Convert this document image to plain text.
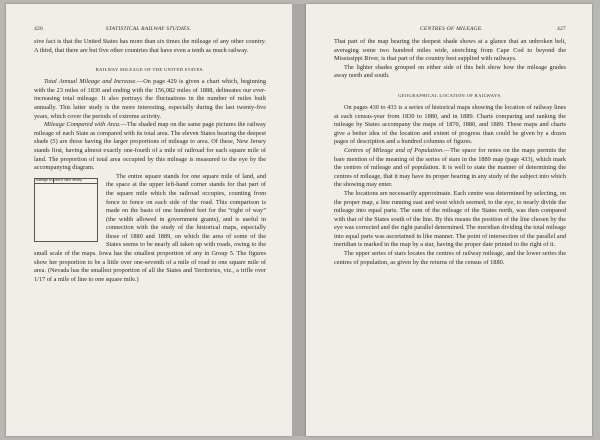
426	STATISTICAL RAILWAY STUDIES.

sive fact is that the United States has more than six times the mileage of any other country. A third, that there are but five other countries that have even a tenth as much railway.

RAILWAY MILEAGE OF THE UNITED STATES.

Total Annual Mileage and Increase.—On page 429 is given a chart which, beginning with the 23 miles of 1830 and ending with the 156,082 miles of 1888, delineates our ever-increasing total mileage. It also portrays the fluctuations in the number of miles built annually. This latter study is the more interesting, especially during the last twenty-five years, which cover the periods of extreme activity.

Mileage Compared with Area.—The shaded map on the same page pictures the railway mileage of each State as compared with its total area. The eleven States bearing the deepest shade (5) are those having the larger proportions of mileage to area. Of these, New Jersey stands first, having almost exactly one-fourth of a mile of railroad for each square mile of land. The proportion of total area occupied by this mileage is measured to the eye by the accompanying diagram.

Mileage to Area in New Jersey.	The entire square stands for one square mile of land, and the space at the upper left-hand corner stands for that part of the square mile which the railroad occupies, counting from fence to fence on each side of the road. This comparison is made on the basis of one hundred feet for the “right of way” (the width allowed in government grants), and is useful in connection with the study of the historical maps, especially those of 1880 and 1889, on which the area of some of the States seems to be nearly all taken up with roads, owing to the small scale of the maps. Iowa has the smallest proportion of any in Group 5. The figures show her proportion to be a little over one-seventh of a mile of road to one square mile of area. (Nevada has the smallest proportion of all the States and Territories, viz., a trifle over 1/17 of a mile of line to one square mile.)

CENTRES OF MILEAGE.	427

That part of the map bearing the deepest shade shows at a glance that an unbroken belt, averaging some two hundred miles wide, stretching from Cape Cod to beyond the Mississippi River, is that part of the country best supplied with railways.

The lighter shades grouped on either side of this belt show how the mileage grades away north and south.

GEOGRAPHICAL LOCATION OF RAILWAYS.

On pages 430 to 433 is a series of historical maps showing the location of railway lines at each census-year from 1830 to 1880, and in 1889. Charts comparing and ranking the mileage by States accompany the maps of 1870, 1880, and 1889. These maps and charts give a better idea of the location and extent of progress than could be given by a dozen pages of description and a hundred columns of figures.

Centres of Mileage and of Population.—The space for notes on the maps permits the bare mention of the meaning of the series of stars in the 1889 map (page 433), which mark the centres of mileage and of population. It is well to state the manner of determining the centres of mileage, that it may have its proper bearing in any study of the subject into which the showing may enter.

The locations are necessarily approximate. Each centre was determined by selecting, on the proper map, a line running east and west which seemed, to the eye, to nearly divide the mileage into equal parts. The sum of the mileage of the States north, was then compared with that of the States south of the line. By this means the position of the line chosen by the eye was corrected and the right parallel determined. The meridian dividing the total mileage into equal parts was ascertained in like manner. The point of intersection of the parallel and meridian is marked in the map by a star, having the proper date printed to the right of it.

The upper series of stars locates the centres of railway mileage, and the lower series the centres of population, as given by the returns of the census of 1880.
